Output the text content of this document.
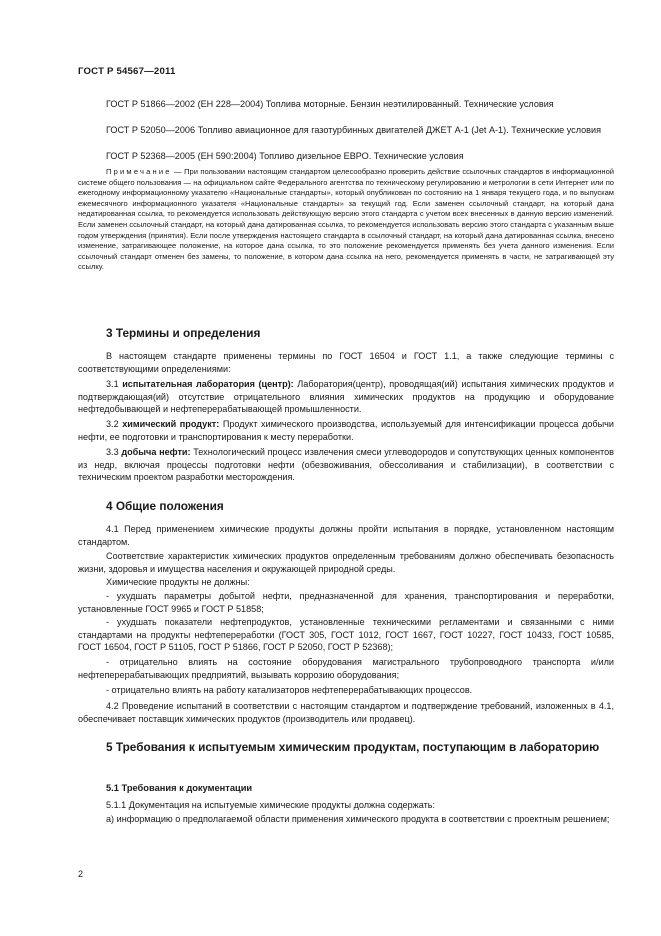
ГОСТ Р 54567—2011

ГОСТ Р 51866—2002 (ЕН 228—2004) Топлива моторные. Бензин неэтилированный. Технические условия

ГОСТ Р 52050—2006 Топливо авиационное для газотурбинных двигателей ДЖЕТ А-1 (Jet А-1). Технические условия

ГОСТ Р 52368—2005 (ЕН 590:2004) Топливо дизельное ЕВРО. Технические условия

Примечание — При пользовании настоящим стандартом целесообразно проверить действие ссылочных стандартов в информационной системе общего пользования — на официальном сайте Федерального агентства по техническому регулированию и метрологии в сети Интернет или по ежегодному информационному указателю «Национальные стандарты», который опубликован по состоянию на 1 января текущего года, и по выпускам ежемесячного информационного указателя «Национальные стандарты» за текущий год. Если заменен ссылочный стандарт, на который дана недатированная ссылка, то рекомендуется использовать действующую версию этого стандарта с учетом всех внесенных в данную версию изменений. Если заменен ссылочный стандарт, на который дана датированная ссылка, то рекомендуется использовать версию этого стандарта с указанным выше годом утверждения (принятия). Если после утверждения настоящего стандарта в ссылочный стандарт, на который дана датированная ссылка, внесено изменение, затрагивающее положение, на которое дана ссылка, то это положение рекомендуется применять без учета данного изменения. Если ссылочный стандарт отменен без замены, то положение, в котором дана ссылка на него, рекомендуется применять в части, не затрагивающей эту ссылку.

3 Термины и определения

В настоящем стандарте применены термины по ГОСТ 16504 и ГОСТ 1.1, а также следующие термины с соответствующими определениями:

3.1 испытательная лаборатория (центр): Лаборатория(центр), проводящая(ий) испытания химических продуктов и подтверждающая(ий) отсутствие отрицательного влияния химических продуктов на продукцию и оборудование нефтедобывающей и нефтеперерабатывающей промышленности.

3.2 химический продукт: Продукт химического производства, используемый для интенсификации процесса добычи нефти, ее подготовки и транспортирования к месту переработки.

3.3 добыча нефти: Технологический процесс извлечения смеси углеводородов и сопутствующих ценных компонентов из недр, включая процессы подготовки нефти (обезвоживания, обессоливания и стабилизации), в соответствии с техническим проектом разработки месторождения.

4 Общие положения

4.1 Перед применением химические продукты должны пройти испытания в порядке, установленном настоящим стандартом.

Соответствие характеристик химических продуктов определенным требованиям должно обеспечивать безопасность жизни, здоровья и имущества населения и окружающей природной среды.

Химические продукты не должны:

- ухудшать параметры добытой нефти, предназначенной для хранения, транспортирования и переработки, установленные ГОСТ 9965 и ГОСТ Р 51858;

- ухудшать показатели нефтепродуктов, установленные техническими регламентами и связанными с ними стандартами на продукты нефтепереработки (ГОСТ 305, ГОСТ 1012, ГОСТ 1667, ГОСТ 10227, ГОСТ 10433, ГОСТ 10585, ГОСТ 16504, ГОСТ Р 51105, ГОСТ Р 51866, ГОСТ Р 52050, ГОСТ Р 52368);

- отрицательно влиять на состояние оборудования магистрального трубопроводного транспорта и/или нефтеперерабатывающих предприятий, вызывать коррозию оборудования;

- отрицательно влиять на работу катализаторов нефтеперерабатывающих процессов.

4.2 Проведение испытаний в соответствии с настоящим стандартом и подтверждение требований, изложенных в 4.1, обеспечивает поставщик химических продуктов (производитель или продавец).

5 Требования к испытуемым химическим продуктам, поступающим в лабораторию
5.1 Требования к документации

5.1.1 Документация на испытуемые химические продукты должна содержать:

а) информацию о предполагаемой области применения химического продукта в соответствии с проектным решением;

2
